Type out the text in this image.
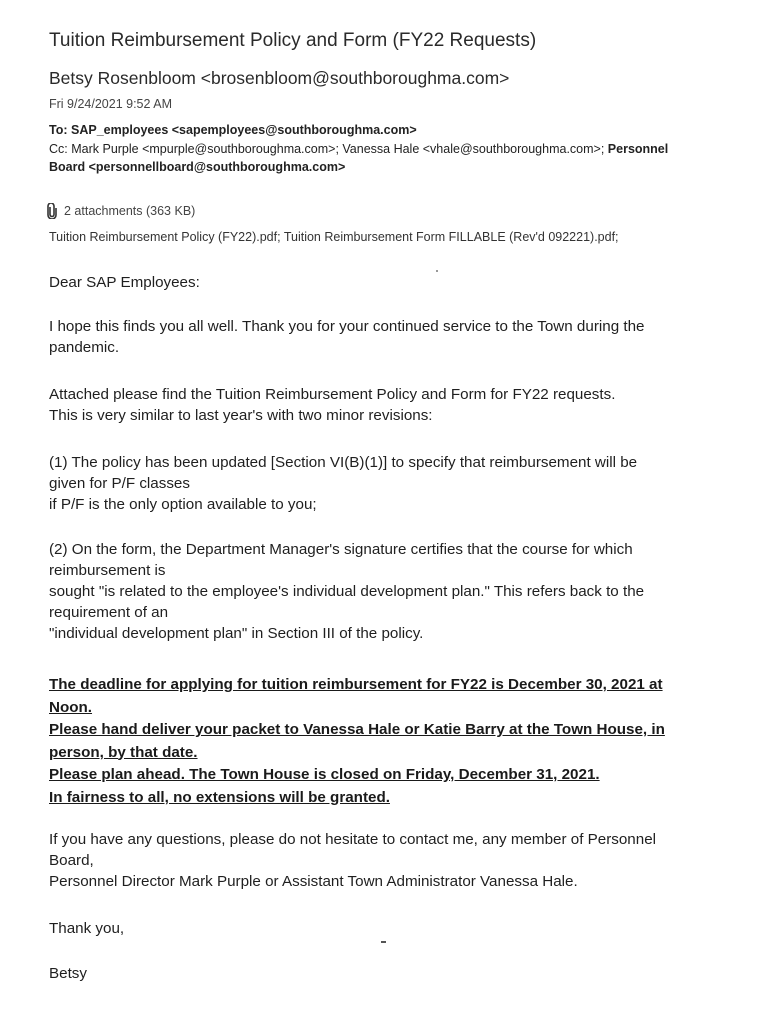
Tuition Reimbursement Policy and Form (FY22 Requests)
Betsy Rosenbloom <brosenbloom@southboroughma.com>
Fri 9/24/2021 9:52 AM
To: SAP_employees <sapemployees@southboroughma.com>
Cc: Mark Purple <mpurple@southboroughma.com>; Vanessa Hale <vhale@southboroughma.com>; Personnel
Board <personnellboard@southboroughma.com>
2 attachments (363 KB)
Tuition Reimbursement Policy (FY22).pdf; Tuition Reimbursement Form FILLABLE (Rev'd 092221).pdf;
Dear SAP Employees:
I hope this finds you all well. Thank you for your continued service to the Town during the
pandemic.
Attached please find the Tuition Reimbursement Policy and Form for FY22 requests.
This is very similar to last year's with two minor revisions:
(1) The policy has been updated [Section VI(B)(1)] to specify that reimbursement will be
given for P/F classes
if P/F is the only option available to you;
(2) On the form, the Department Manager's signature certifies that the course for which
reimbursement is
sought "is related to the employee's individual development plan." This refers back to the
requirement of an
"individual development plan" in Section III of the policy.
The deadline for applying for tuition reimbursement for FY22 is December 30, 2021 at
Noon.
Please hand deliver your packet to Vanessa Hale or Katie Barry at the Town House, in
person, by that date.
Please plan ahead. The Town House is closed on Friday, December 31, 2021.
In fairness to all, no extensions will be granted.
If you have any questions, please do not hesitate to contact me, any member of Personnel
Board,
Personnel Director Mark Purple or Assistant Town Administrator Vanessa Hale.
Thank you,
Betsy
